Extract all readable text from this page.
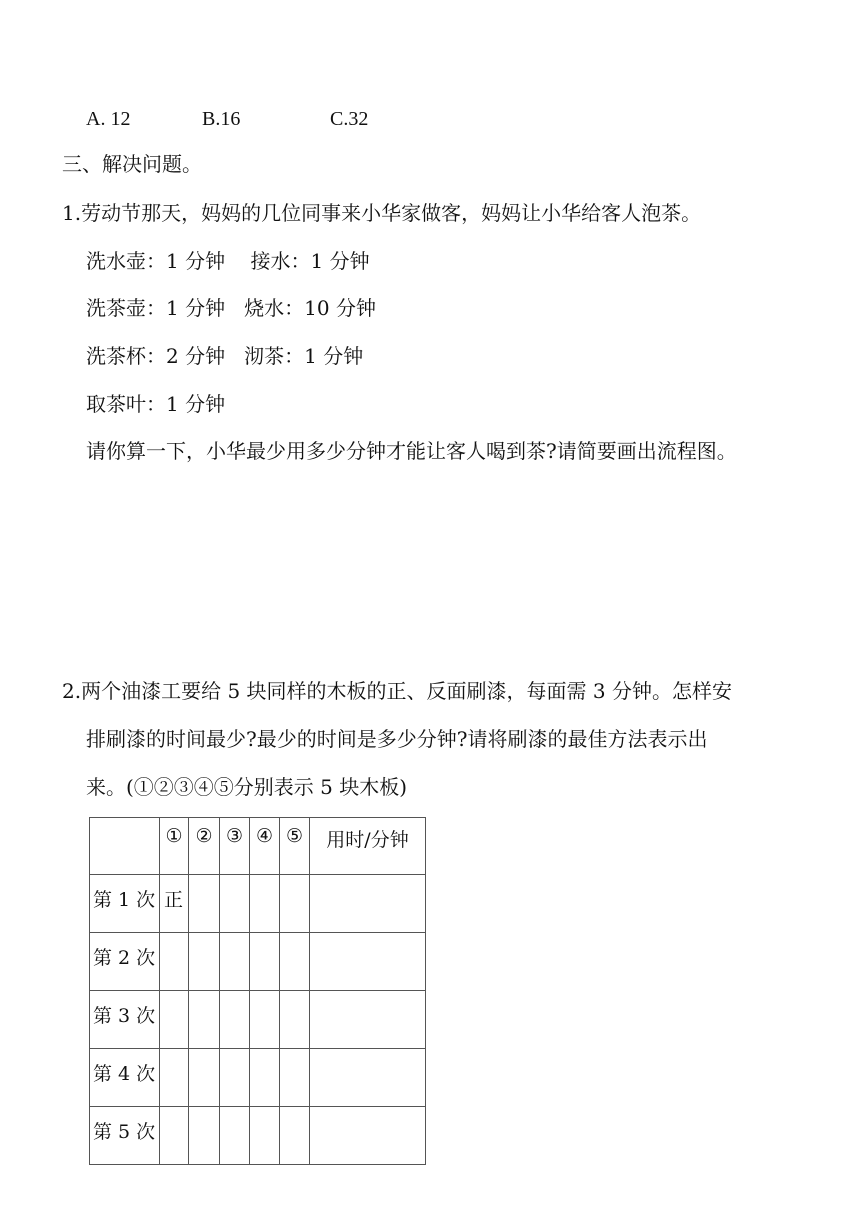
A. 12	B.16	C.32
三、解决问题。
1.劳动节那天，妈妈的几位同事来小华家做客，妈妈让小华给客人泡茶。
洗水壶：1 分钟    接水：1 分钟
洗茶壶：1 分钟   烧水：10 分钟
洗茶杯：2 分钟   沏茶：1 分钟
取茶叶：1 分钟
请你算一下，小华最少用多少分钟才能让客人喝到茶?请简要画出流程图。
2.两个油漆工要给 5 块同样的木板的正、反面刷漆，每面需 3 分钟。怎样安
排刷漆的时间最少?最少的时间是多少分钟?请将刷漆的最佳方法表示出
来。(①②③④⑤分别表示 5 块木板)
	①	②	③	④	⑤	用时/分钟
第 1 次	正					
第 2 次						
第 3 次						
第 4 次						
第 5 次						
